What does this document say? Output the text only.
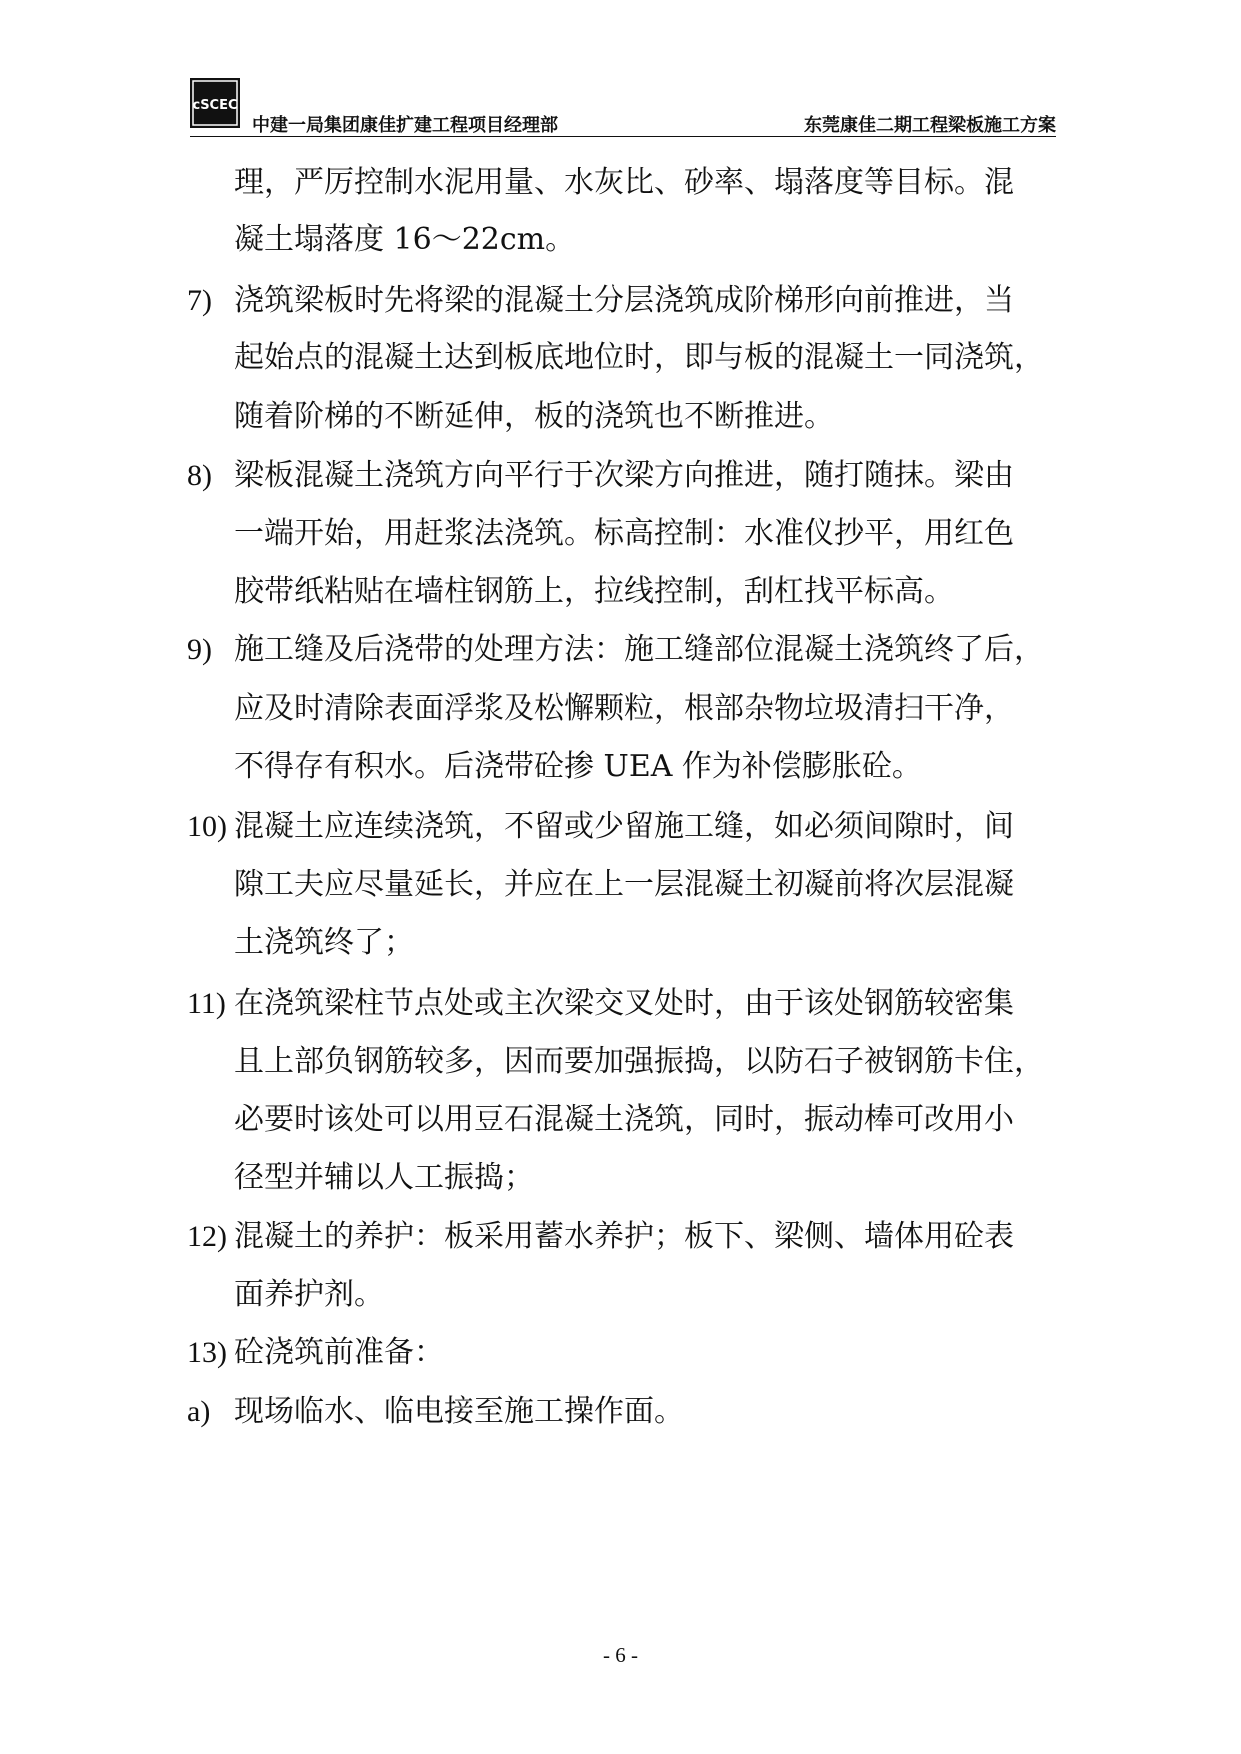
cSCEC
中建一局集团康佳扩建工程项目经理部	东莞康佳二期工程梁板施工方案
理，严厉控制水泥用量、水灰比、砂率、塌落度等目标。混
凝土塌落度 16～22cm。
7) 浇筑梁板时先将梁的混凝土分层浇筑成阶梯形向前推进，当
起始点的混凝土达到板底地位时，即与板的混凝土一同浇筑，
随着阶梯的不断延伸，板的浇筑也不断推进。
8) 梁板混凝土浇筑方向平行于次梁方向推进，随打随抹。梁由
一端开始，用赶浆法浇筑。标高控制：水准仪抄平，用红色
胶带纸粘贴在墙柱钢筋上，拉线控制，刮杠找平标高。
9) 施工缝及后浇带的处理方法：施工缝部位混凝土浇筑终了后，
应及时清除表面浮浆及松懈颗粒，根部杂物垃圾清扫干净，
不得存有积水。后浇带砼掺 UEA 作为补偿膨胀砼。
10) 混凝土应连续浇筑，不留或少留施工缝，如必须间隙时，间
隙工夫应尽量延长，并应在上一层混凝土初凝前将次层混凝
土浇筑终了；
11) 在浇筑梁柱节点处或主次梁交叉处时，由于该处钢筋较密集
且上部负钢筋较多，因而要加强振捣，以防石子被钢筋卡住，
必要时该处可以用豆石混凝土浇筑，同时，振动棒可改用小
径型并辅以人工振捣；
12) 混凝土的养护：板采用蓄水养护；板下、梁侧、墙体用砼表
面养护剂。
13) 砼浇筑前准备：
a) 现场临水、临电接至施工操作面。
- 6 -
